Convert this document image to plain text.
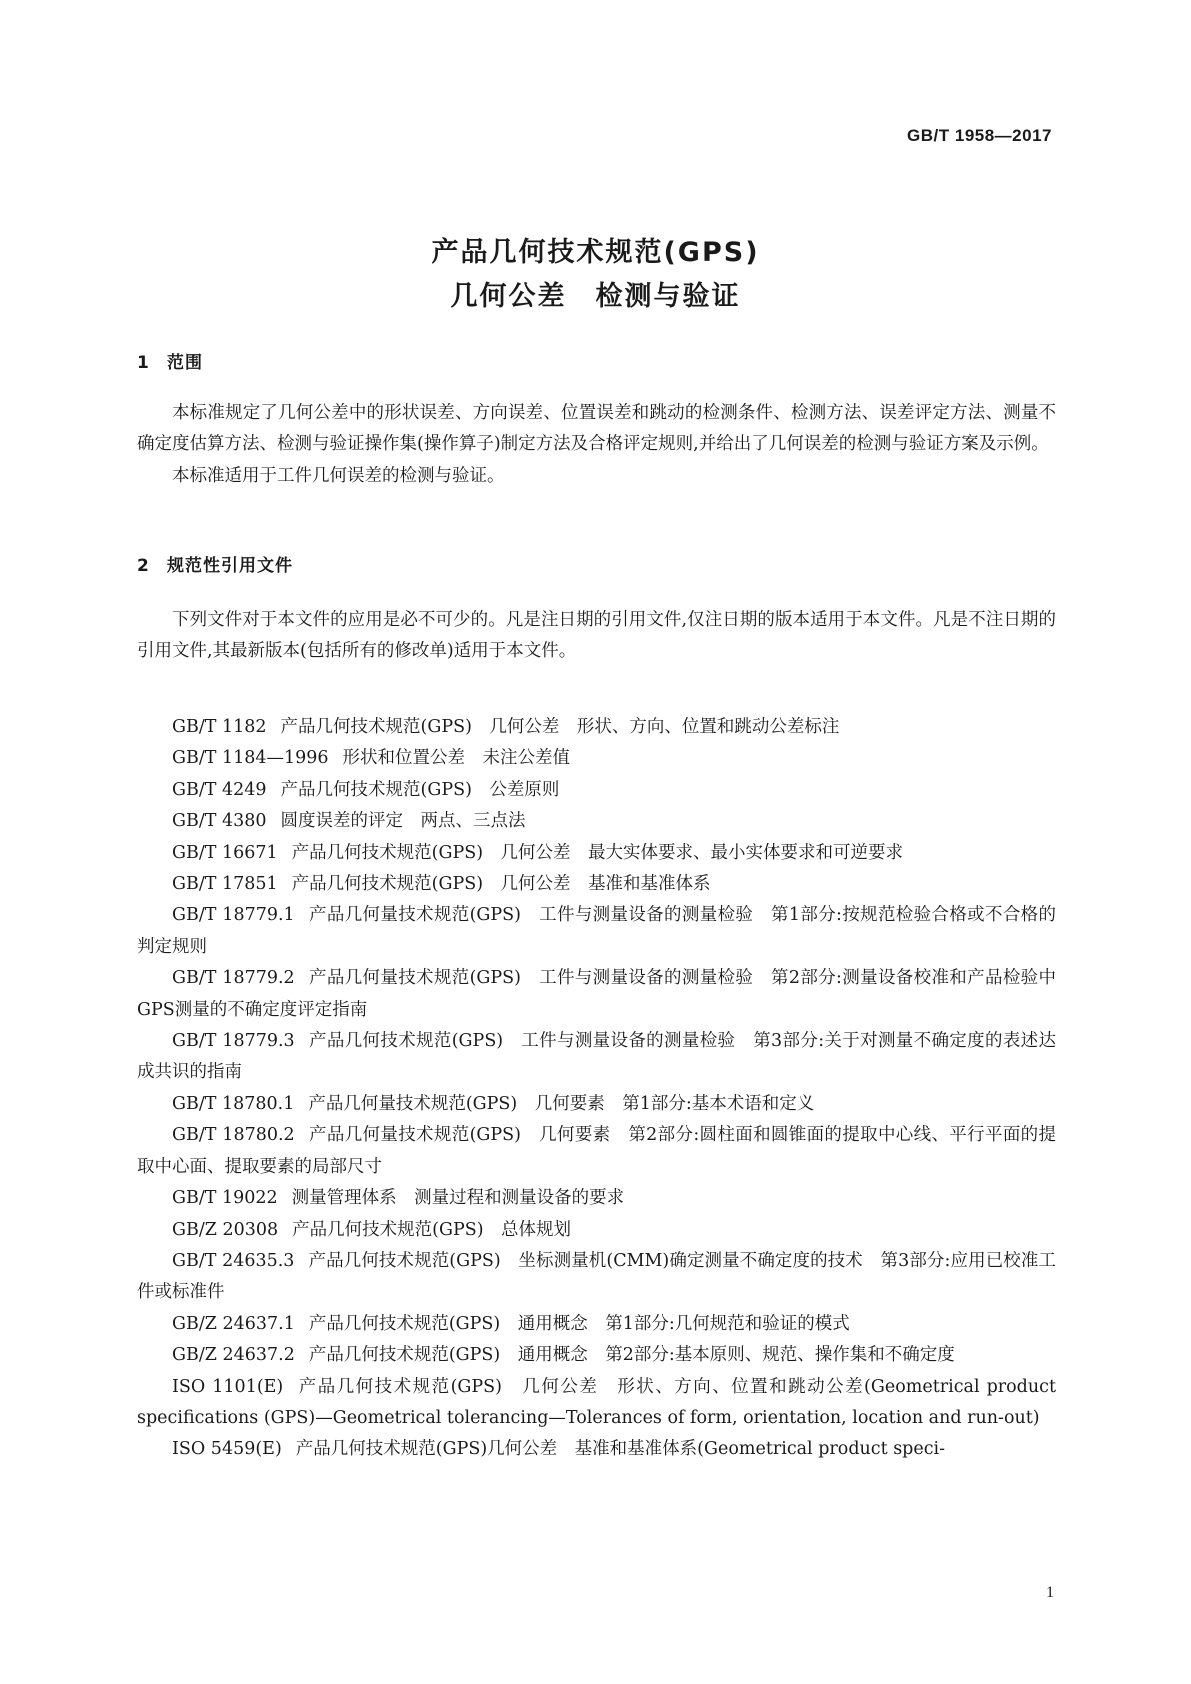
GB/T 1958—2017
产品几何技术规范(GPS)
几何公差　检测与验证
1 范围

本标准规定了几何公差中的形状误差、方向误差、位置误差和跳动的检测条件、检测方法、误差评定方法、测量不确定度估算方法、检测与验证操作集(操作算子)制定方法及合格评定规则,并给出了几何误差的检测与验证方案及示例。

本标准适用于工件几何误差的检测与验证。

2 规范性引用文件

下列文件对于本文件的应用是必不可少的。凡是注日期的引用文件,仅注日期的版本适用于本文件。凡是不注日期的引用文件,其最新版本(包括所有的修改单)适用于本文件。

GB/T 1182 产品几何技术规范(GPS)　几何公差　形状、方向、位置和跳动公差标注

GB/T 1184—1996 形状和位置公差　未注公差值

GB/T 4249 产品几何技术规范(GPS)　公差原则

GB/T 4380 圆度误差的评定　两点、三点法

GB/T 16671 产品几何技术规范(GPS)　几何公差　最大实体要求、最小实体要求和可逆要求

GB/T 17851 产品几何技术规范(GPS)　几何公差　基准和基准体系

GB/T 18779.1 产品几何量技术规范(GPS)　工件与测量设备的测量检验　第1部分:按规范检验合格或不合格的判定规则

GB/T 18779.2 产品几何量技术规范(GPS)　工件与测量设备的测量检验　第2部分:测量设备校准和产品检验中GPS测量的不确定度评定指南

GB/T 18779.3 产品几何技术规范(GPS)　工件与测量设备的测量检验　第3部分:关于对测量不确定度的表述达成共识的指南

GB/T 18780.1 产品几何量技术规范(GPS)　几何要素　第1部分:基本术语和定义

GB/T 18780.2 产品几何量技术规范(GPS)　几何要素　第2部分:圆柱面和圆锥面的提取中心线、平行平面的提取中心面、提取要素的局部尺寸

GB/T 19022 测量管理体系　测量过程和测量设备的要求

GB/Z 20308 产品几何技术规范(GPS)　总体规划

GB/T 24635.3 产品几何技术规范(GPS)　坐标测量机(CMM)确定测量不确定度的技术　第3部分:应用已校准工件或标准件

GB/Z 24637.1 产品几何技术规范(GPS)　通用概念　第1部分:几何规范和验证的模式

GB/Z 24637.2 产品几何技术规范(GPS)　通用概念　第2部分:基本原则、规范、操作集和不确定度

ISO 1101(E) 产品几何技术规范(GPS)　几何公差　形状、方向、位置和跳动公差(Geometrical product specifications (GPS)—Geometrical tolerancing—Tolerances of form, orientation, location and run-out)

ISO 5459(E) 产品几何技术规范(GPS)几何公差　基准和基准体系(Geometrical product speci-

1
